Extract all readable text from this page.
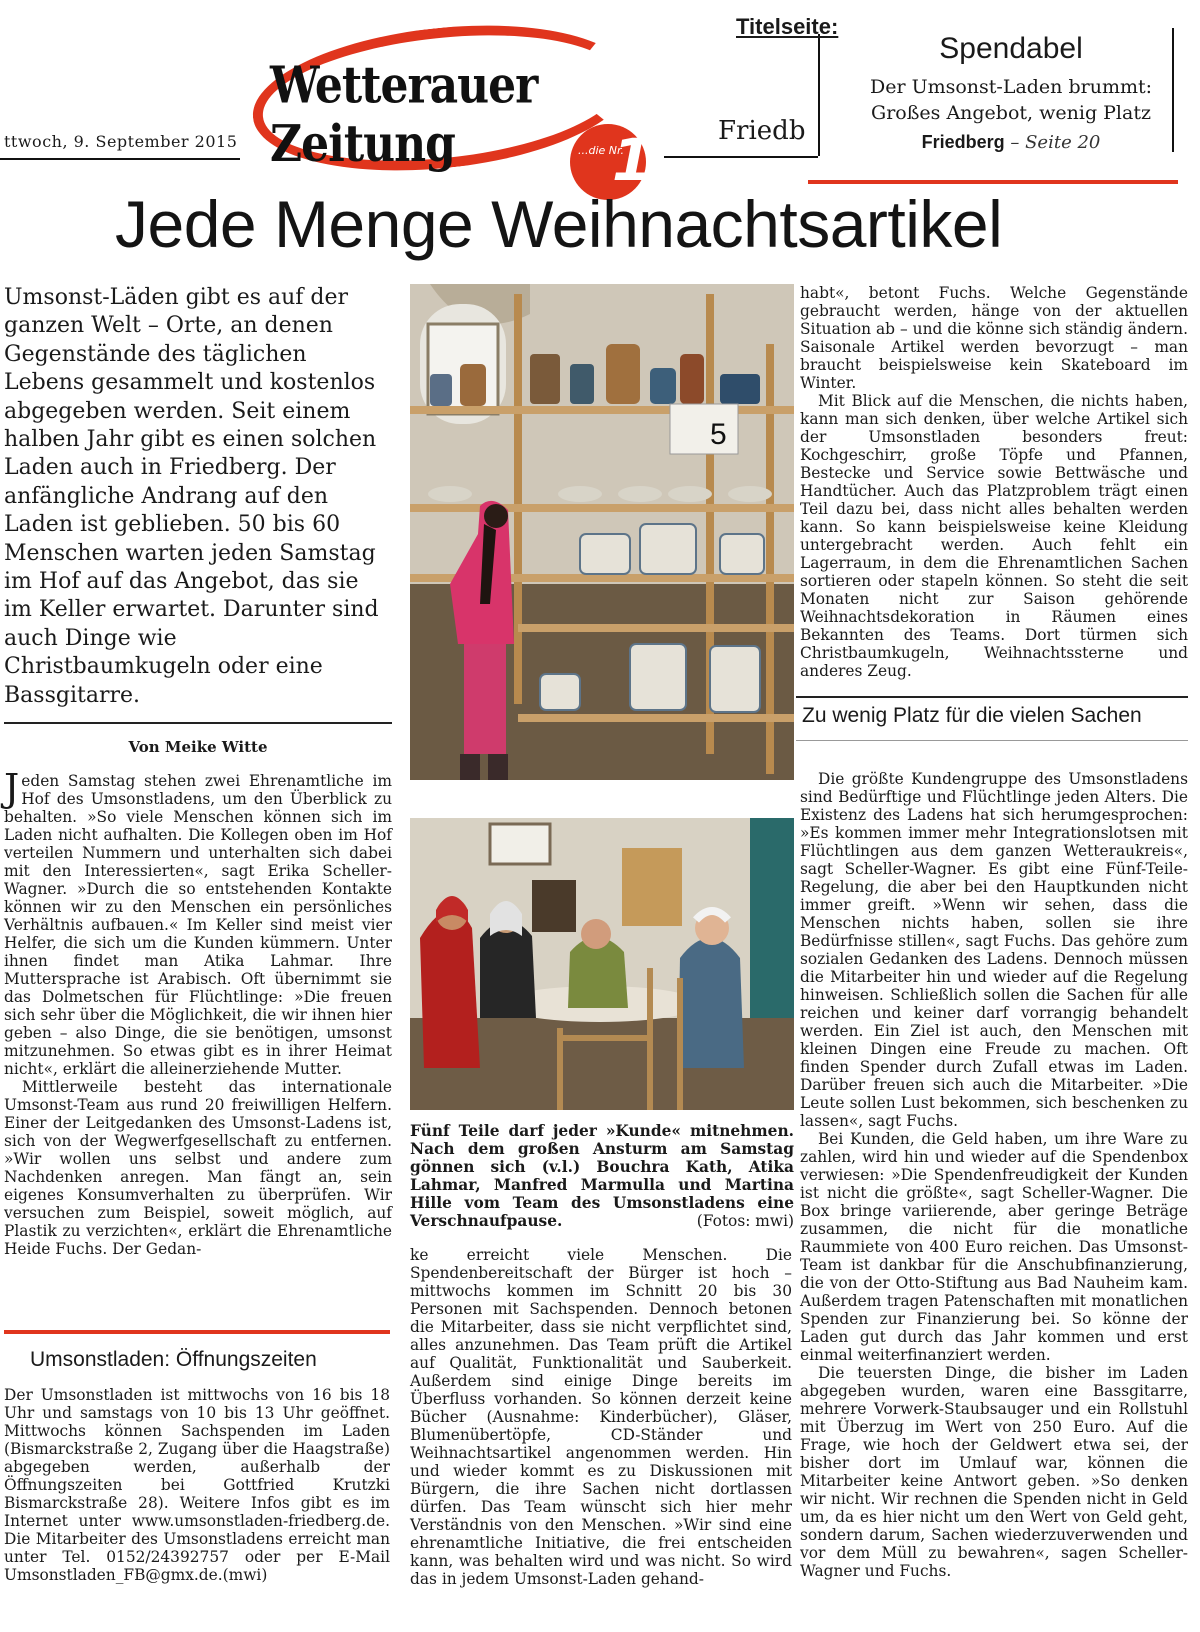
Wetterauer Zeitung	...die Nr.
1
ttwoch, 9. September 2015	Friedb
Titelseite:
Spendabel
Der Umsonst-Laden brummt:
Großes Angebot, wenig Platz
Friedberg – Seite 20
Jede Menge Weihnachtsartikel
Umsonst-Läden gibt es auf der ganzen Welt – Orte, an denen Gegenstände des täglichen Lebens gesammelt und kostenlos abgegeben werden. Seit einem halben Jahr gibt es einen solchen Laden auch in Friedberg. Der anfängliche Andrang auf den Laden ist geblieben. 50 bis 60 Menschen warten jeden Samstag im Hof auf das Angebot, das sie im Keller erwartet. Darunter sind auch Dinge wie Christbaumkugeln oder eine Bassgitarre.
Von Meike Witte

Jeden Samstag stehen zwei Ehrenamtliche im Hof des Umsonstladens, um den Überblick zu behalten. »So viele Menschen können sich im Laden nicht aufhalten. Die Kollegen oben im Hof verteilen Nummern und unterhalten sich dabei mit den Interessierten«, sagt Erika Scheller-Wagner. »Durch die so entstehenden Kontakte können wir zu den Menschen ein persönliches Verhältnis aufbauen.« Im Keller sind meist vier Helfer, die sich um die Kunden kümmern. Unter ihnen findet man Atika Lahmar. Ihre Muttersprache ist Arabisch. Oft übernimmt sie das Dolmetschen für Flüchtlinge: »Die freuen sich sehr über die Möglichkeit, die wir ihnen hier geben – also Dinge, die sie benötigen, umsonst mitzunehmen. So etwas gibt es in ihrer Heimat nicht«, erklärt die alleinerziehende Mutter.

Mittlerweile besteht das internationale Umsonst-Team aus rund 20 freiwilligen Helfern. Einer der Leitgedanken des Umsonst-Ladens ist, sich von der Wegwerfgesellschaft zu entfernen. »Wir wollen uns selbst und andere zum Nachdenken anregen. Man fängt an, sein eigenes Konsumverhalten zu überprüfen. Wir versuchen zum Beispiel, soweit möglich, auf Plastik zu verzichten«, erklärt die Ehrenamtliche Heide Fuchs. Der Gedan-

Umsonstladen: Öffnungszeiten
Der Umsonstladen ist mittwochs von 16 bis 18 Uhr und samstags von 10 bis 13 Uhr geöffnet. Mittwochs können Sachspenden im Laden (Bismarckstraße 2, Zugang über die Haagstraße) abgegeben werden, außerhalb der Öffnungszeiten bei Gottfried Krutzki Bismarckstraße 28). Weitere Infos gibt es im Internet unter www.umsonstladen-friedberg.de. Die Mitarbeiter des Umsonstladens erreicht man unter Tel. 0152/24392757 oder per E-Mail Umsonstladen_FB@gmx.de.(mwi)
5
Fünf Teile darf jeder »Kunde« mitnehmen. Nach dem großen Ansturm am Samstag gönnen sich (v.l.) Bouchra Kath, Atika Lahmar, Manfred Marmulla und Martina Hille vom Team des Umsonstladens eine Verschnaufpause.	(Fotos: mwi)
ke erreicht viele Menschen. Die Spendenbereitschaft der Bürger ist hoch – mittwochs kommen im Schnitt 20 bis 30 Personen mit Sachspenden. Dennoch betonen die Mitarbeiter, dass sie nicht verpflichtet sind, alles anzunehmen. Das Team prüft die Artikel auf Qualität, Funktionalität und Sauberkeit. Außerdem sind einige Dinge bereits im Überfluss vorhanden. So können derzeit keine Bücher (Ausnahme: Kinderbücher), Gläser, Blumenübertöpfe, CD-Ständer und Weihnachtsartikel angenommen werden. Hin und wieder kommt es zu Diskussionen mit Bürgern, die ihre Sachen nicht dortlassen dürfen. Das Team wünscht sich hier mehr Verständnis von den Menschen. »Wir sind eine ehrenamtliche Initiative, die frei entscheiden kann, was behalten wird und was nicht. So wird das in jedem Umsonst-Laden gehand-

habt«, betont Fuchs. Welche Gegenstände gebraucht werden, hänge von der aktuellen Situation ab – und die könne sich ständig ändern. Saisonale Artikel werden bevorzugt – man braucht beispielsweise kein Skateboard im Winter.

Mit Blick auf die Menschen, die nichts haben, kann man sich denken, über welche Artikel sich der Umsonstladen besonders freut: Kochgeschirr, große Töpfe und Pfannen, Bestecke und Service sowie Bettwäsche und Handtücher. Auch das Platzproblem trägt einen Teil dazu bei, dass nicht alles behalten werden kann. So kann beispielsweise keine Kleidung untergebracht werden. Auch fehlt ein Lagerraum, in dem die Ehrenamtlichen Sachen sortieren oder stapeln können. So steht die seit Monaten nicht zur Saison gehörende Weihnachtsdekoration in Räumen eines Bekannten des Teams. Dort türmen sich Christbaumkugeln, Weihnachtssterne und anderes Zeug.

Zu wenig Platz für die vielen Sachen

Die größte Kundengruppe des Umsonstladens sind Bedürftige und Flüchtlinge jeden Alters. Die Existenz des Ladens hat sich herumgesprochen: »Es kommen immer mehr Integrationslotsen mit Flüchtlingen aus dem ganzen Wetteraukreis«, sagt Scheller-Wagner. Es gibt eine Fünf-Teile-Regelung, die aber bei den Hauptkunden nicht immer greift. »Wenn wir sehen, dass die Menschen nichts haben, sollen sie ihre Bedürfnisse stillen«, sagt Fuchs. Das gehöre zum sozialen Gedanken des Ladens. Dennoch müssen die Mitarbeiter hin und wieder auf die Regelung hinweisen. Schließlich sollen die Sachen für alle reichen und keiner darf vorrangig behandelt werden. Ein Ziel ist auch, den Menschen mit kleinen Dingen eine Freude zu machen. Oft finden Spender durch Zufall etwas im Laden. Darüber freuen sich auch die Mitarbeiter. »Die Leute sollen Lust bekommen, sich beschenken zu lassen«, sagt Fuchs.

Bei Kunden, die Geld haben, um ihre Ware zu zahlen, wird hin und wieder auf die Spendenbox verwiesen: »Die Spendenfreudigkeit der Kunden ist nicht die größte«, sagt Scheller-Wagner. Die Box bringe variierende, aber geringe Beträge zusammen, die nicht für die monatliche Raummiete von 400 Euro reichen. Das Umsonst-Team ist dankbar für die Anschubfinanzierung, die von der Otto-Stiftung aus Bad Nauheim kam. Außerdem tragen Patenschaften mit monatlichen Spenden zur Finanzierung bei. So könne der Laden gut durch das Jahr kommen und erst einmal weiterfinanziert werden.

Die teuersten Dinge, die bisher im Laden abgegeben wurden, waren eine Bassgitarre, mehrere Vorwerk-Staubsauger und ein Rollstuhl mit Überzug im Wert von 250 Euro. Auf die Frage, wie hoch der Geldwert etwa sei, der bisher dort im Umlauf war, können die Mitarbeiter keine Antwort geben. »So denken wir nicht. Wir rechnen die Spenden nicht in Geld um, da es hier nicht um den Wert von Geld geht, sondern darum, Sachen wiederzuverwenden und vor dem Müll zu bewahren«, sagen Scheller-Wagner und Fuchs.
